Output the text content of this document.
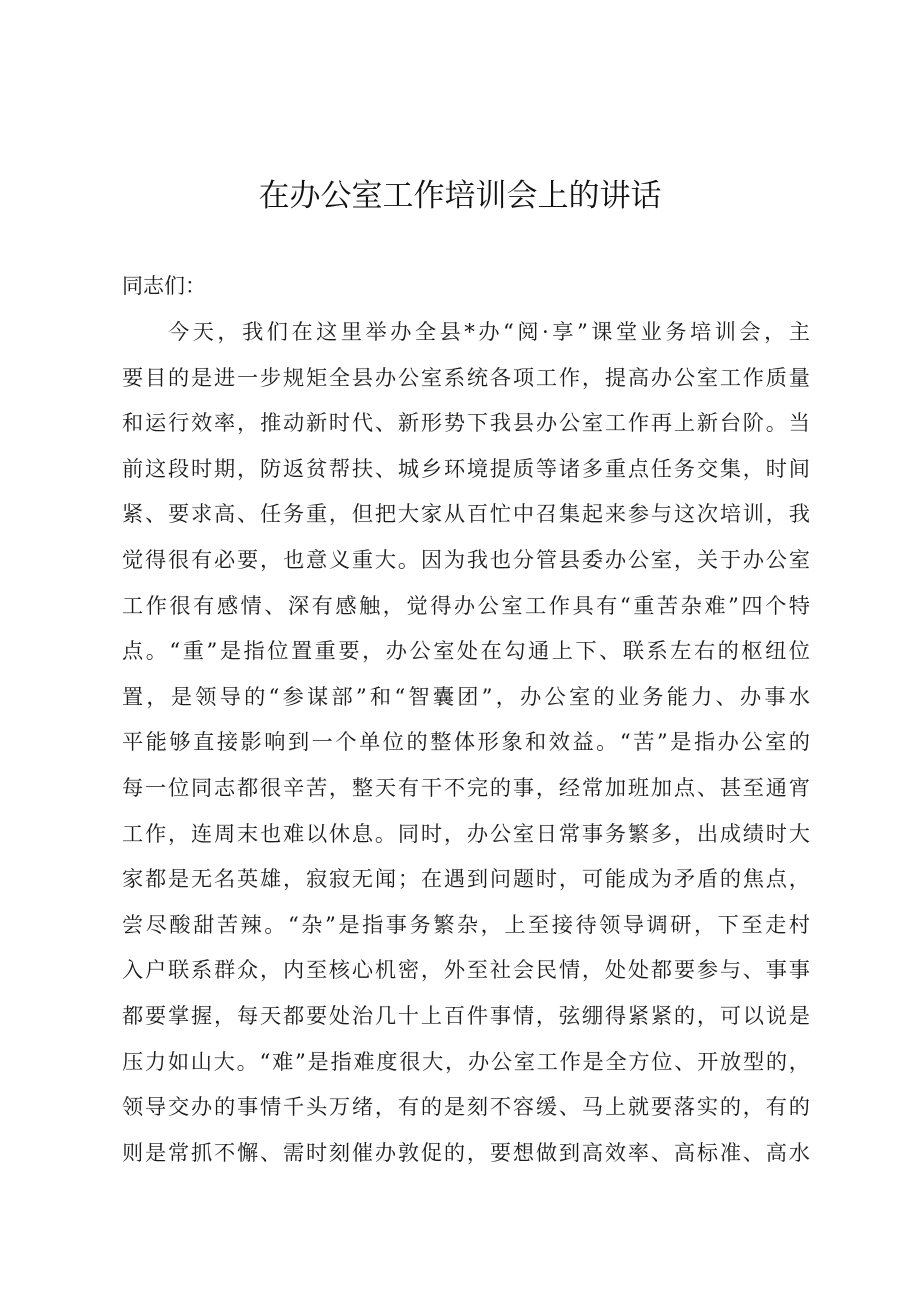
在办公室工作培训会上的讲话

同志们：

今天，我们在这里举办全县*办“阅·享”课堂业务培训会，主
要目的是进一步规矩全县办公室系统各项工作，提高办公室工作质量
和运行效率，推动新时代、新形势下我县办公室工作再上新台阶。当
前这段时期，防返贫帮扶、城乡环境提质等诸多重点任务交集，时间
紧、要求高、任务重，但把大家从百忙中召集起来参与这次培训，我
觉得很有必要，也意义重大。因为我也分管县委办公室，关于办公室
工作很有感情、深有感触，觉得办公室工作具有“重苦杂难”四个特
点。“重”是指位置重要，办公室处在勾通上下、联系左右的枢纽位
置，是领导的“参谋部”和“智囊团”，办公室的业务能力、办事水
平能够直接影响到一个单位的整体形象和效益。“苦”是指办公室的
每一位同志都很辛苦，整天有干不完的事，经常加班加点、甚至通宵
工作，连周末也难以休息。同时，办公室日常事务繁多，出成绩时大
家都是无名英雄，寂寂无闻；在遇到问题时，可能成为矛盾的焦点，
尝尽酸甜苦辣。“杂”是指事务繁杂，上至接待领导调研，下至走村
入户联系群众，内至核心机密，外至社会民情，处处都要参与、事事
都要掌握，每天都要处治几十上百件事情，弦绷得紧紧的，可以说是
压力如山大。“难”是指难度很大，办公室工作是全方位、开放型的，
领导交办的事情千头万绪，有的是刻不容缓、马上就要落实的，有的
则是常抓不懈、需时刻催办敦促的，要想做到高效率、高标准、高水
